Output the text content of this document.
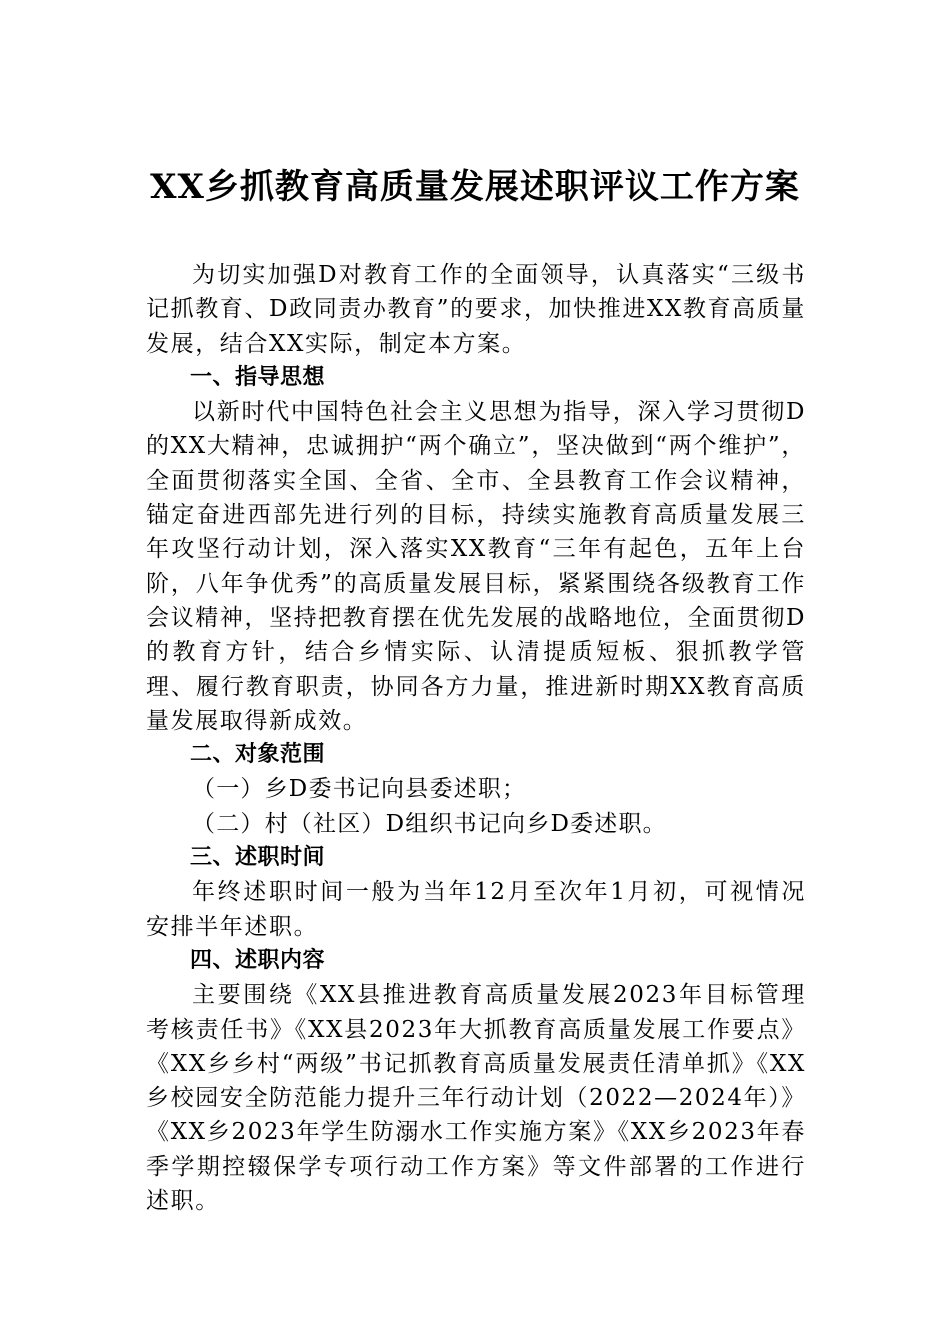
XX乡抓教育高质量发展述职评议工作方案

为切实加强D对教育工作的全面领导，认真落实“三级书记抓教育、D政同责办教育”的要求，加快推进XX教育高质量发展，结合XX实际，制定本方案。

一、指导思想

以新时代中国特色社会主义思想为指导，深入学习贯彻D的XX大精神，忠诚拥护“两个确立”，坚决做到“两个维护”，全面贯彻落实全国、全省、全市、全县教育工作会议精神，锚定奋进西部先进行列的目标，持续实施教育高质量发展三年攻坚行动计划，深入落实XX教育“三年有起色，五年上台阶，八年争优秀”的高质量发展目标，紧紧围绕各级教育工作会议精神，坚持把教育摆在优先发展的战略地位，全面贯彻D的教育方针，结合乡情实际、认清提质短板、狠抓教学管理、履行教育职责，协同各方力量，推进新时期XX教育高质量发展取得新成效。

二、对象范围

（一）乡D委书记向县委述职；

（二）村（社区）D组织书记向乡D委述职。

三、述职时间

年终述职时间一般为当年12月至次年1月初，可视情况安排半年述职。

四、述职内容

主要围绕《XX县推进教育高质量发展2023年目标管理考核责任书》《XX县2023年大抓教育高质量发展工作要点》《XX乡乡村“两级”书记抓教育高质量发展责任清单抓》《XX乡校园安全防范能力提升三年行动计划（2022—2024年）》《XX乡2023年学生防溺水工作实施方案》《XX乡2023年春季学期控辍保学专项行动工作方案》等文件部署的工作进行述职。
